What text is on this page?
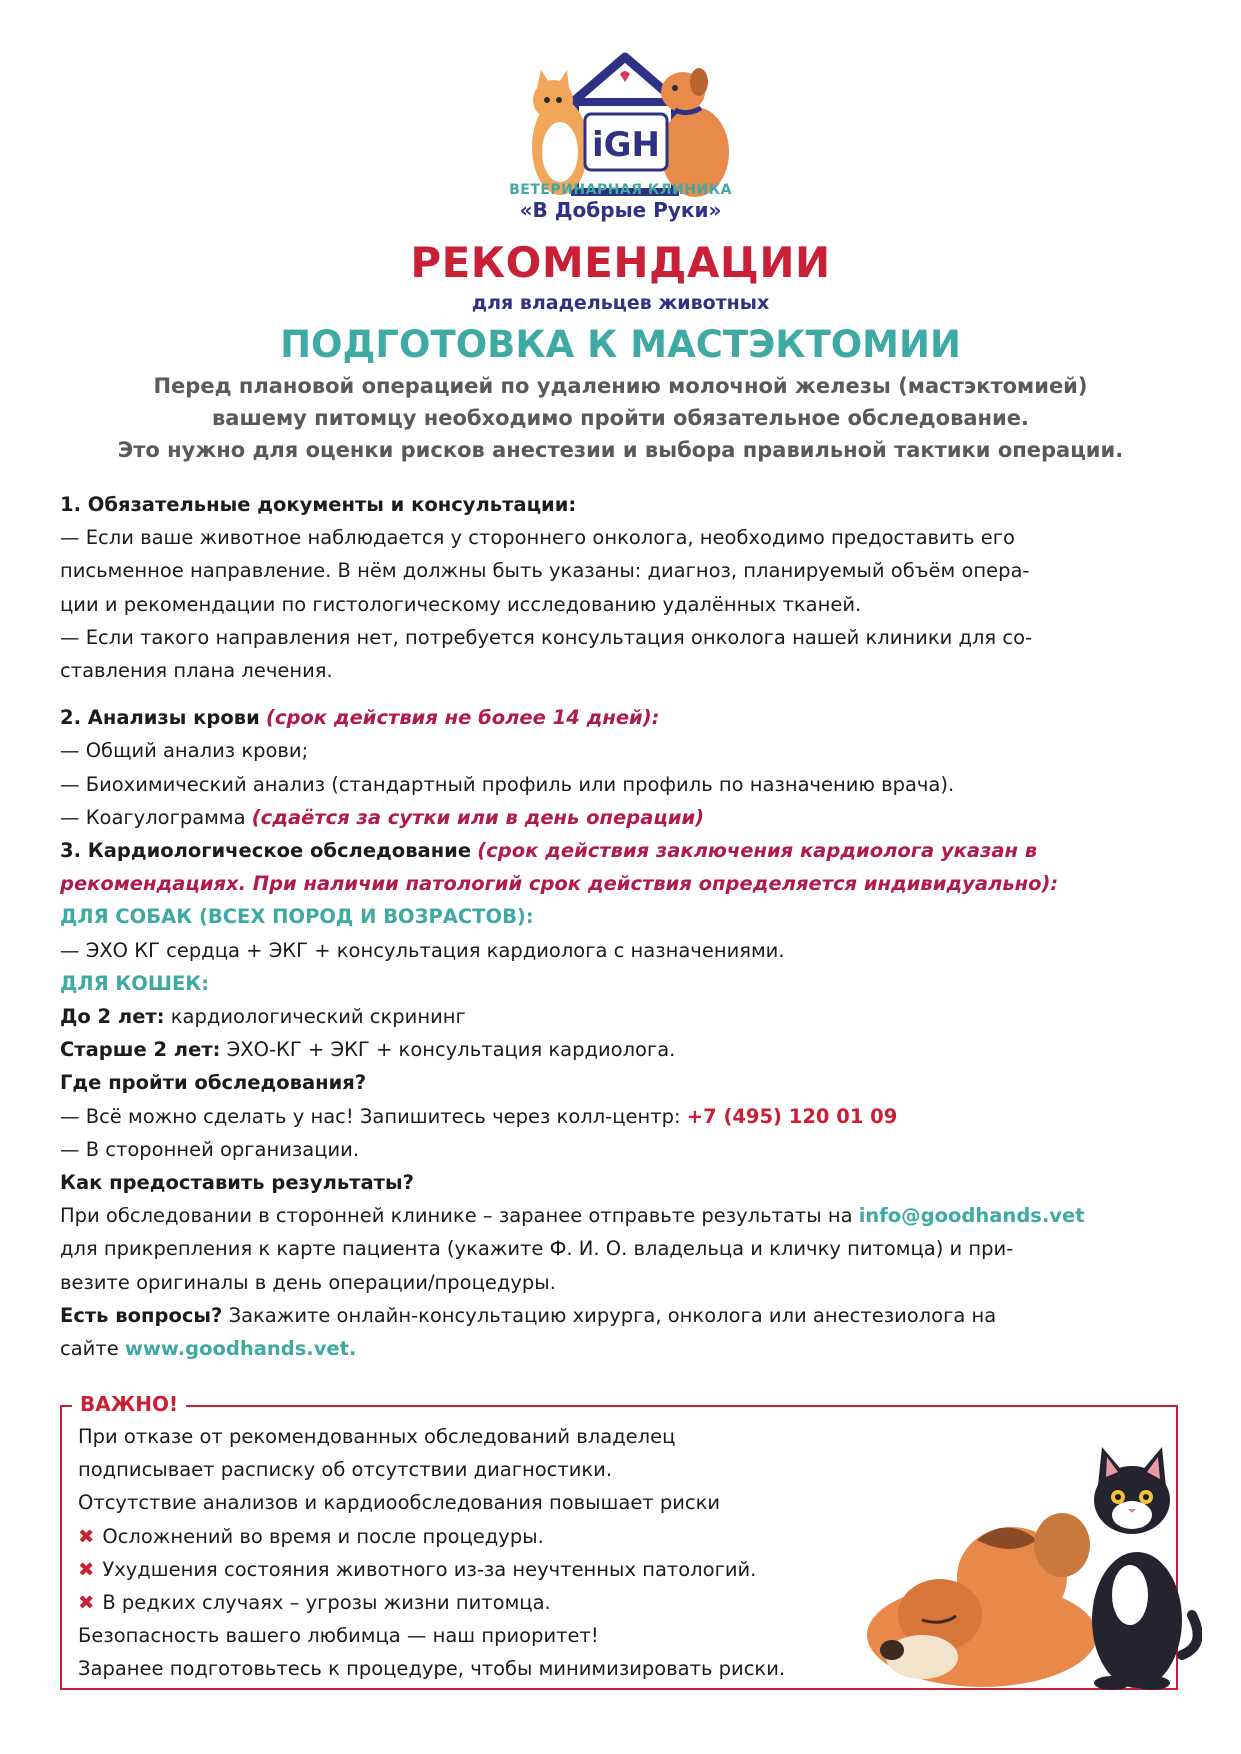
iGH
ВЕТЕРИНАРНАЯ КЛИНИКА
«В Добрые Руки»
РЕКОМЕНДАЦИИ
для владельцев животных
ПОДГОТОВКА К МАСТЭКТОМИИ
Перед плановой операцией по удалению молочной железы (мастэктомией)
вашему питомцу необходимо пройти обязательное обследование.
Это нужно для оценки рисков анестезии и выбора правильной тактики операции.

1. Обязательные документы и консультации:

— Если ваше животное наблюдается у стороннего онколога, необходимо предоставить его

письменное направление. В нём должны быть указаны: диагноз, планируемый объём опера-

ции и рекомендации по гистологическому исследованию удалённых тканей.

— Если такого направления нет, потребуется консультация онколога нашей клиники для со-

ставления плана лечения.

2. Анализы крови (срок действия не более 14 дней):

— Общий анализ крови;

— Биохимический анализ (стандартный профиль или профиль по назначению врача).

— Коагулограмма (сдаётся за сутки или в день операции)

3. Кардиологическое обследование (срок действия заключения кардиолога указан в

рекомендациях. При наличии патологий срок действия определяется индивидуально):

ДЛЯ СОБАК (ВСЕХ ПОРОД И ВОЗРАСТОВ):

— ЭХО КГ сердца + ЭКГ + консультация кардиолога с назначениями.

ДЛЯ КОШЕК:

До 2 лет: кардиологический скрининг

Старше 2 лет: ЭХО-КГ + ЭКГ + консультация кардиолога.

Где пройти обследования?

— Всё можно сделать у нас! Запишитесь через колл-центр: +7 (495) 120 01 09

— В сторонней организации.

Как предоставить результаты?

При обследовании в сторонней клинике – заранее отправьте результаты на info@goodhands.vet

для прикрепления к карте пациента (укажите Ф. И. О. владельца и кличку питомца) и при-

везите оригиналы в день операции/процедуры.

Есть вопросы? Закажите онлайн-консультацию хирурга, онколога или анестезиолога на

сайте www.goodhands.vet.

ВАЖНО!

При отказе от рекомендованных обследований владелец

подписывает расписку об отсутствии диагностики.

Отсутствие анализов и кардиообследования повышает риски

✖ Осложнений во время и после процедуры.

✖ Ухудшения состояния животного из-за неучтенных патологий.

✖ В редких случаях – угрозы жизни питомца.

Безопасность вашего любимца — наш приоритет!

Заранее подготовьтесь к процедуре, чтобы минимизировать риски.
